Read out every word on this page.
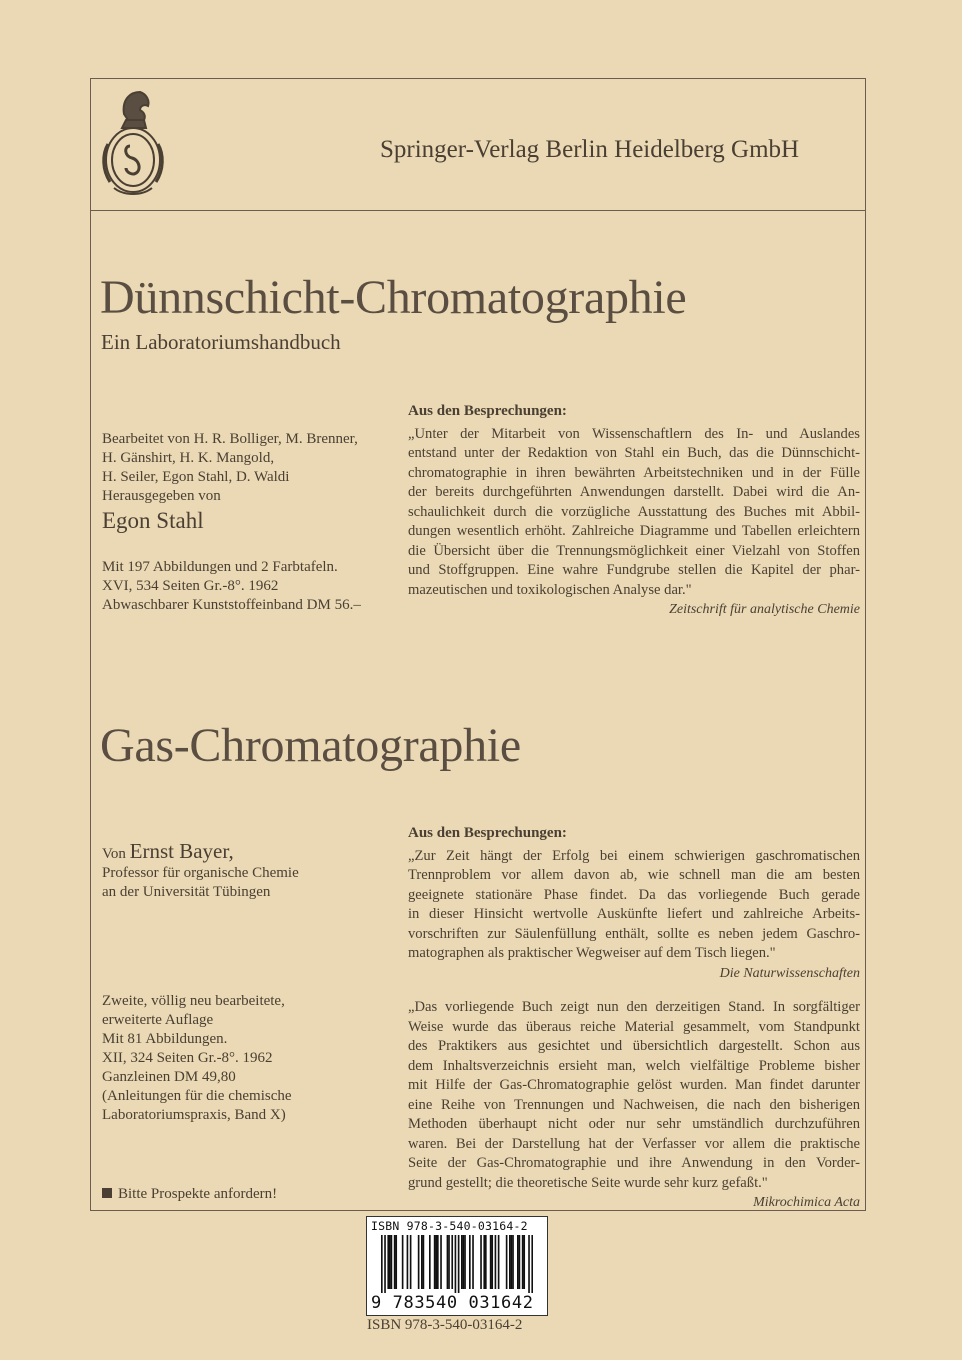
Springer-Verlag Berlin Heidelberg GmbH
Dünnschicht-Chromatographie
Ein Laboratoriumshandbuch
Bearbeitet von H. R. Bolliger, M. Brenner,
H. Gänshirt, H. K. Mangold,
H. Seiler, Egon Stahl, D. Waldi
Herausgegeben von
Egon Stahl
Mit 197 Abbildungen und 2 Farbtafeln.
XVI, 534 Seiten Gr.-8°. 1962
Abwaschbarer Kunststoffeinband DM 56.–
Aus den Besprechungen:
„Unter der Mitarbeit von Wissenschaftlern des In- und Auslandes
entstand unter der Redaktion von Stahl ein Buch, das die Dünnschicht-
chromatographie in ihren bewährten Arbeitstechniken und in der Fülle
der bereits durchgeführten Anwendungen darstellt. Dabei wird die An-
schaulichkeit durch die vorzügliche Ausstattung des Buches mit Abbil-
dungen wesentlich erhöht. Zahlreiche Diagramme und Tabellen erleichtern
die Übersicht über die Trennungsmöglichkeit einer Vielzahl von Stoffen
und Stoffgruppen. Eine wahre Fundgrube stellen die Kapitel der phar-
mazeutischen und toxikologischen Analyse dar."
Zeitschrift für analytische Chemie
Gas-Chromatographie
Von Ernst Bayer,
Professor für organische Chemie
an der Universität Tübingen
Zweite, völlig neu bearbeitete,
erweiterte Auflage
Mit 81 Abbildungen.
XII, 324 Seiten Gr.-8°. 1962
Ganzleinen DM 49,80
(Anleitungen für die chemische
Laboratoriumspraxis, Band X)
Aus den Besprechungen:
„Zur Zeit hängt der Erfolg bei einem schwierigen gaschromatischen
Trennproblem vor allem davon ab, wie schnell man die am besten
geeignete stationäre Phase findet. Da das vorliegende Buch gerade
in dieser Hinsicht wertvolle Auskünfte liefert und zahlreiche Arbeits-
vorschriften zur Säulenfüllung enthält, sollte es neben jedem Gaschro-
matographen als praktischer Wegweiser auf dem Tisch liegen."
Die Naturwissenschaften
„Das vorliegende Buch zeigt nun den derzeitigen Stand. In sorgfältiger
Weise wurde das überaus reiche Material gesammelt, vom Standpunkt
des Praktikers aus gesichtet und übersichtlich dargestellt. Schon aus
dem Inhaltsverzeichnis ersieht man, welch vielfältige Probleme bisher
mit Hilfe der Gas-Chromatographie gelöst wurden. Man findet darunter
eine Reihe von Trennungen und Nachweisen, die nach den bisherigen
Methoden überhaupt nicht oder nur sehr umständlich durchzuführen
waren. Bei der Darstellung hat der Verfasser vor allem die praktische
Seite der Gas-Chromatographie und ihre Anwendung in den Vorder-
grund gestellt; die theoretische Seite wurde sehr kurz gefaßt."
Mikrochimica Acta
Bitte Prospekte anfordern!
ISBN 978-3-540-03164-2
9 783540 031642
ISBN 978-3-540-03164-2
